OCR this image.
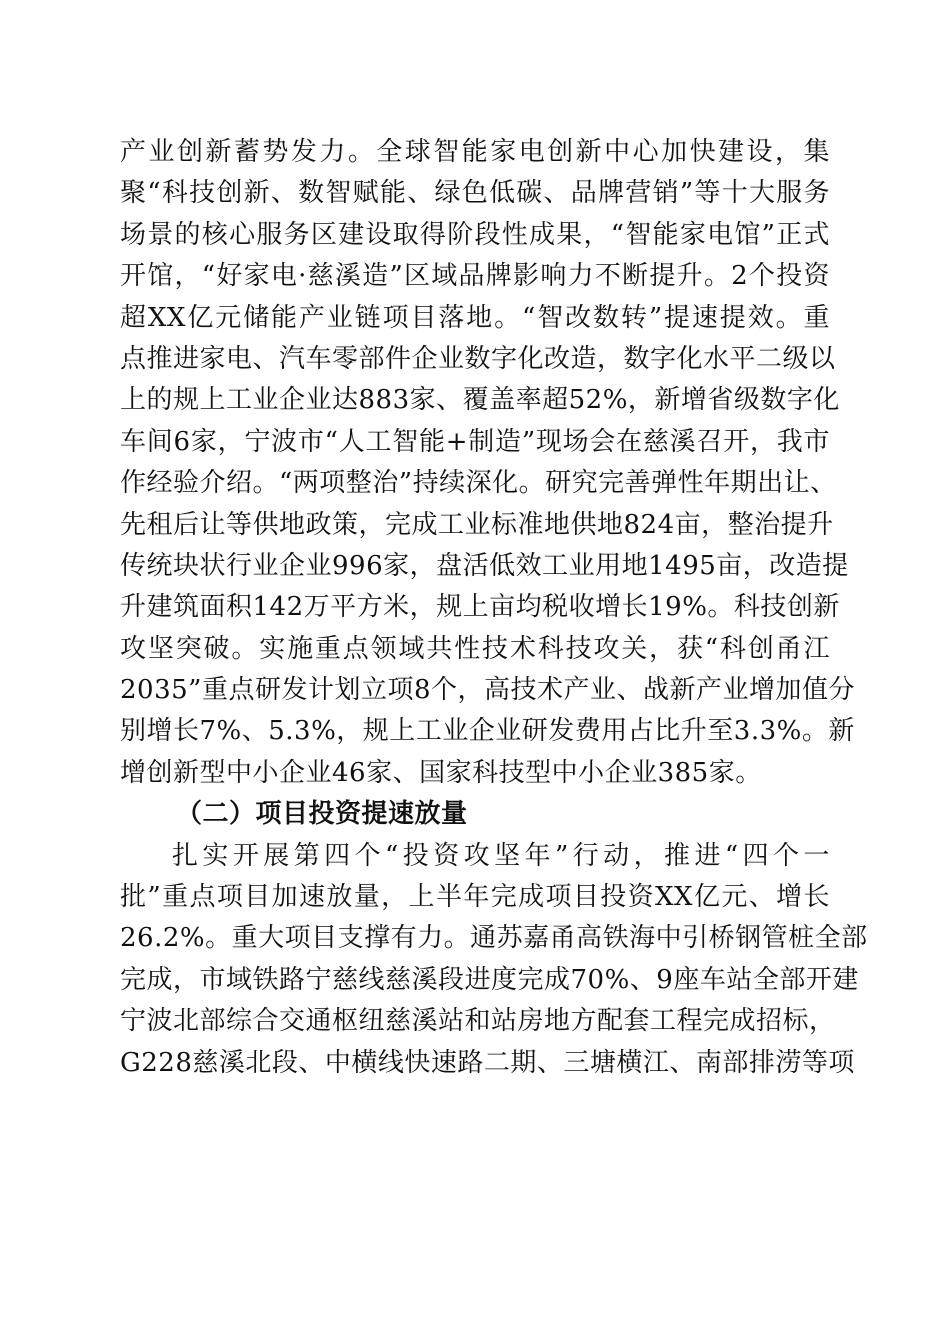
产业创新蓄势发力。全球智能家电创新中心加快建设，集
聚“科技创新、数智赋能、绿色低碳、品牌营销”等十大服务
场景的核心服务区建设取得阶段性成果，“智能家电馆”正式
开馆，“好家电·慈溪造”区域品牌影响力不断提升。2个投资
超XX亿元储能产业链项目落地。“智改数转”提速提效。重
点推进家电、汽车零部件企业数字化改造，数字化水平二级以
上的规上工业企业达883家、覆盖率超52%，新增省级数字化
车间6家，宁波市“人工智能+制造”现场会在慈溪召开，我市
作经验介绍。“两项整治”持续深化。研究完善弹性年期出让、
先租后让等供地政策，完成工业标准地供地824亩，整治提升
传统块状行业企业996家，盘活低效工业用地1495亩，改造提
升建筑面积142万平方米，规上亩均税收增长19%。科技创新
攻坚突破。实施重点领域共性技术科技攻关，获“科创甬江
2035”重点研发计划立项8个，高技术产业、战新产业增加值分
别增长7%、5.3%，规上工业企业研发费用占比升至3.3%。新
增创新型中小企业46家、国家科技型中小企业385家。
（二）项目投资提速放量
扎实开展第四个“投资攻坚年”行动，推进“四个一
批”重点项目加速放量，上半年完成项目投资XX亿元、增长
26.2%。重大项目支撑有力。通苏嘉甬高铁海中引桥钢管桩全部
完成，市域铁路宁慈线慈溪段进度完成70%、9座车站全部开建
宁波北部综合交通枢纽慈溪站和站房地方配套工程完成招标，
G228慈溪北段、中横线快速路二期、三塘横江、南部排涝等项
